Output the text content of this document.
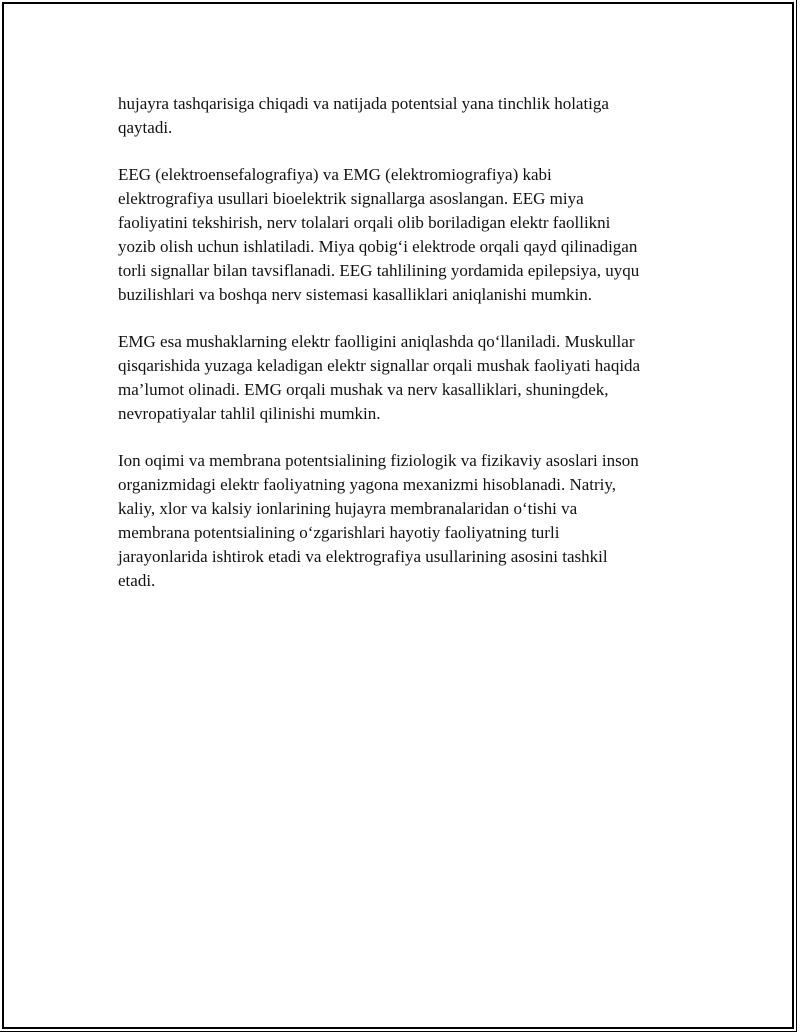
hujayra tashqarisiga chiqadi va natijada potentsial yana tinchlik holatiga
qaytadi.

EEG (elektroensefalografiya) va EMG (elektromiografiya) kabi
elektrografiya usullari bioelektrik signallarga asoslangan. EEG miya
faoliyatini tekshirish, nerv tolalari orqali olib boriladigan elektr faollikni
yozib olish uchun ishlatiladi. Miya qobig‘i elektrode orqali qayd qilinadigan
torli signallar bilan tavsiflanadi. EEG tahlilining yordamida epilepsiya, uyqu
buzilishlari va boshqa nerv sistemasi kasalliklari aniqlanishi mumkin.

EMG esa mushaklarning elektr faolligini aniqlashda qo‘llaniladi. Muskullar
qisqarishida yuzaga keladigan elektr signallar orqali mushak faoliyati haqida
ma’lumot olinadi. EMG orqali mushak va nerv kasalliklari, shuningdek,
nevropatiyalar tahlil qilinishi mumkin.

Ion oqimi va membrana potentsialining fiziologik va fizikaviy asoslari inson
organizmidagi elektr faoliyatning yagona mexanizmi hisoblanadi. Natriy,
kaliy, xlor va kalsiy ionlarining hujayra membranalaridan o‘tishi va
membrana potentsialining o‘zgarishlari hayotiy faoliyatning turli
jarayonlarida ishtirok etadi va elektrografiya usullarining asosini tashkil
etadi.
